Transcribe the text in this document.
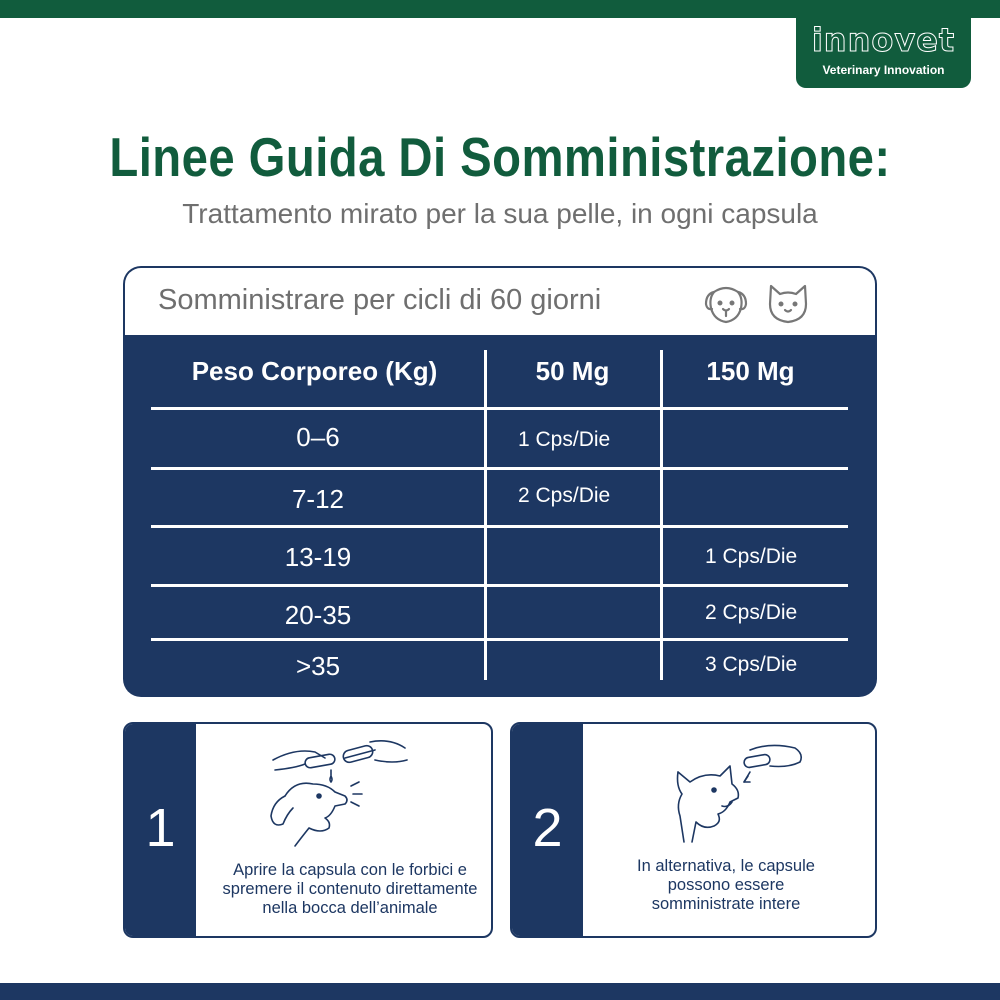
innovet
Veterinary Innovation
Linee Guida Di Somministrazione:
Trattamento mirato per la sua pelle, in ogni capsula
Somministrare per cicli di 60 giorni
Peso Corporeo (Kg)	50 Mg	150 Mg
0–6
7-12
13-19
20-35
>35
1 Cps/Die
2 Cps/Die
1 Cps/Die
2 Cps/Die
3 Cps/Die
1
Aprire la capsula con le forbici e
spremere il contenuto direttamente
nella bocca dell’animale
2
In alternativa, le capsule
possono essere
somministrate intere
